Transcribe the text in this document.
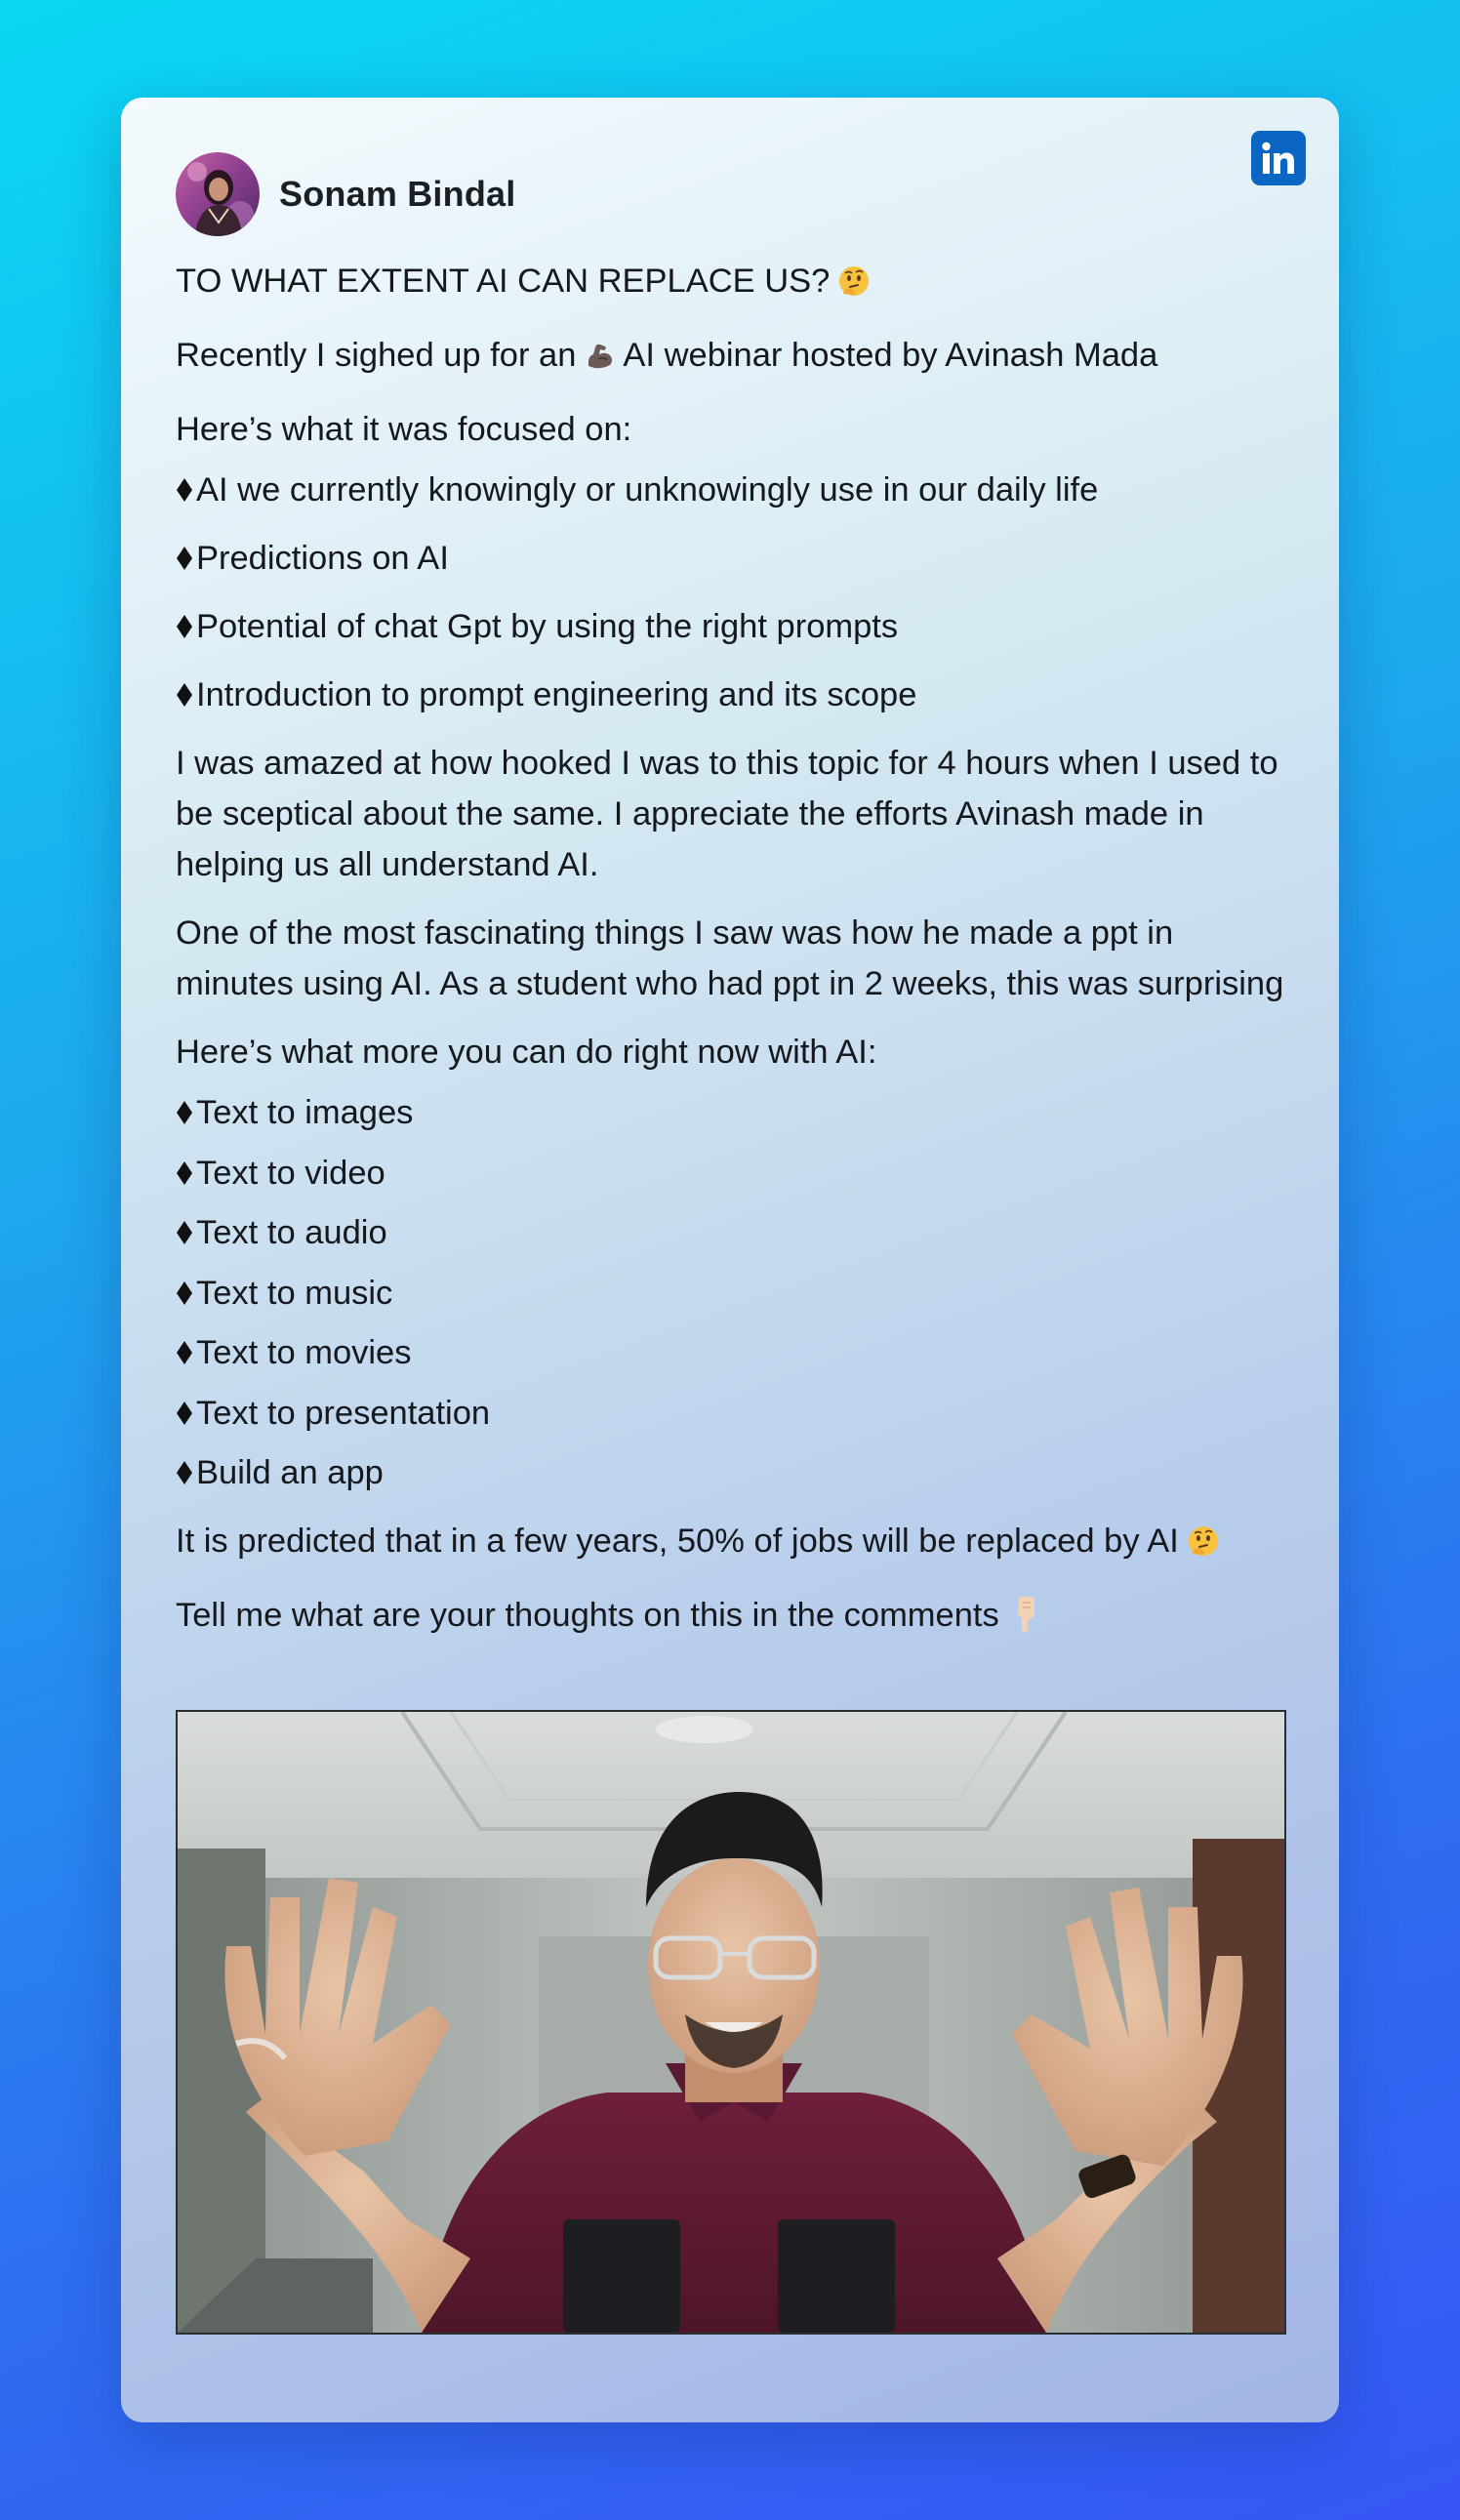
Sonam Bindal
TO WHAT EXTENT AI CAN REPLACE US?
Recently I sighed up for an AI webinar hosted by Avinash Mada
Here’s what it was focused on:
AI we currently knowingly or unknowingly use in our daily life
Predictions on AI
Potential of chat Gpt by using the right prompts
Introduction to prompt engineering and its scope
I was amazed at how hooked I was to this topic for 4 hours when I used to be sceptical about the same. I appreciate the efforts Avinash made in helping us all understand AI.
One of the most fascinating things I saw was how he made a ppt in minutes using AI. As a student who had ppt in 2 weeks, this was surprising
Here’s what more you can do right now with AI:
Text to images
Text to video
Text to audio
Text to music
Text to movies
Text to presentation
Build an app
It is predicted that in a few years, 50% of jobs will be replaced by AI
Tell me what are your thoughts on this in the comments
